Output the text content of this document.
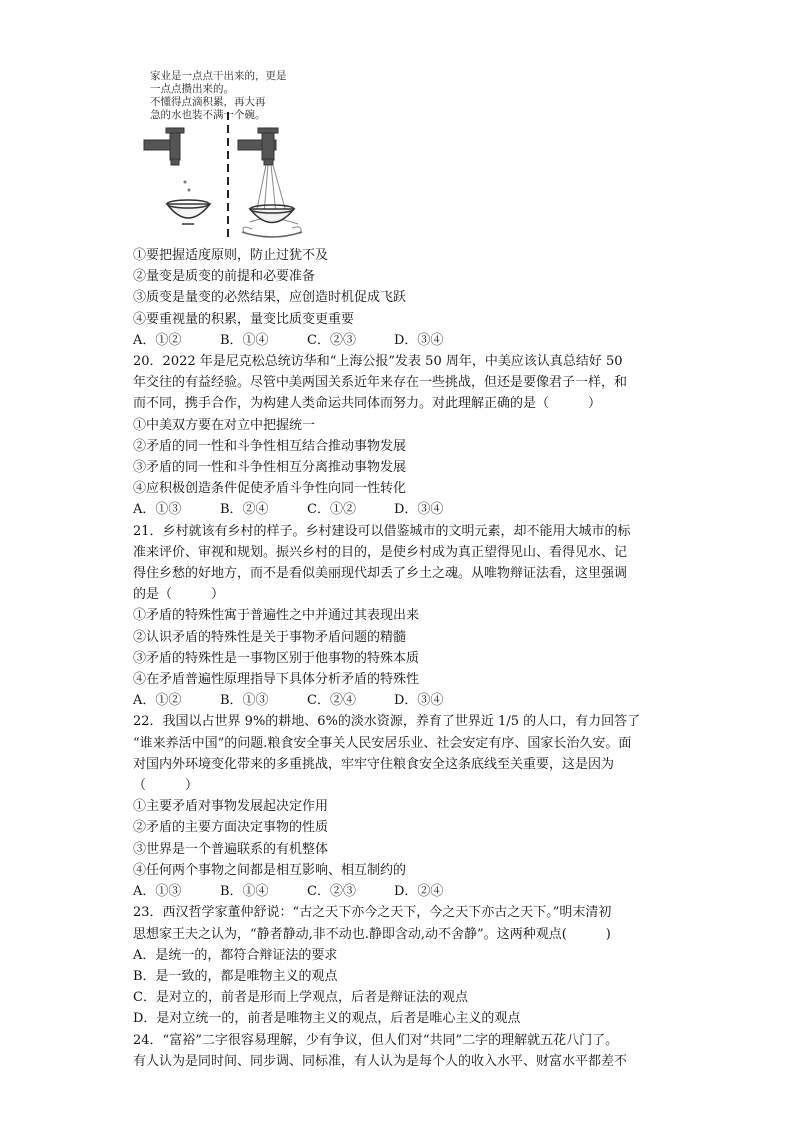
家业是一点点干出来的，更是
一点点攒出来的。
不懂得点滴积累，再大再
急的水也装不满一个碗。
①要把握适度原则，防止过犹不及
②量变是质变的前提和必要准备
③质变是量变的必然结果，应创造时机促成飞跃
④要重视量的积累，量变比质变更重要
A．①②	B．①④	C．②③	D．③④
20．2022 年是尼克松总统访华和“上海公报”发表 50 周年，中美应该认真总结好 50
年交往的有益经验。尽管中美两国关系近年来存在一些挑战，但还是要像君子一样，和
而不同，携手合作，为构建人类命运共同体而努力。对此理解正确的是（　　　）
①中美双方要在对立中把握统一
②矛盾的同一性和斗争性相互结合推动事物发展
③矛盾的同一性和斗争性相互分离推动事物发展
④应积极创造条件促使矛盾斗争性向同一性转化
A．①③	B．②④	C．①②	D．③④
21．乡村就该有乡村的样子。乡村建设可以借鉴城市的文明元素，却不能用大城市的标
准来评价、审视和规划。振兴乡村的目的，是使乡村成为真正望得见山、看得见水、记
得住乡愁的好地方，而不是看似美丽现代却丢了乡土之魂。从唯物辩证法看，这里强调
的是（　　　）
①矛盾的特殊性寓于普遍性之中并通过其表现出来
②认识矛盾的特殊性是关于事物矛盾问题的精髓
③矛盾的特殊性是一事物区别于他事物的特殊本质
④在矛盾普遍性原理指导下具体分析矛盾的特殊性
A．①②	B．①③	C．②④	D．③④
22．我国以占世界 9%的耕地、6%的淡水资源，养育了世界近 1/5 的人口，有力回答了
“谁来养活中国”的问题.粮食安全事关人民安居乐业、社会安定有序、国家长治久安。面
对国内外环境变化带来的多重挑战，牢牢守住粮食安全这条底线至关重要，这是因为
（　　　）
①主要矛盾对事物发展起决定作用
②矛盾的主要方面决定事物的性质
③世界是一个普遍联系的有机整体
④任何两个事物之间都是相互影响、相互制约的
A．①③	B．①④	C．②③	D．②④
23．西汉哲学家董仲舒说：“古之天下亦今之天下，今之天下亦古之天下。”明末清初
思想家王夫之认为，“静者静动,非不动也.静即含动,动不舍静”。这两种观点(　　　)
A．是统一的，都符合辩证法的要求
B．是一致的，都是唯物主义的观点
C．是对立的，前者是形而上学观点，后者是辩证法的观点
D．是对立统一的，前者是唯物主义的观点，后者是唯心主义的观点
24．“富裕”二字很容易理解，少有争议，但人们对“共同”二字的理解就五花八门了。
有人认为是同时间、同步调、同标准，有人认为是每个人的收入水平、财富水平都差不
